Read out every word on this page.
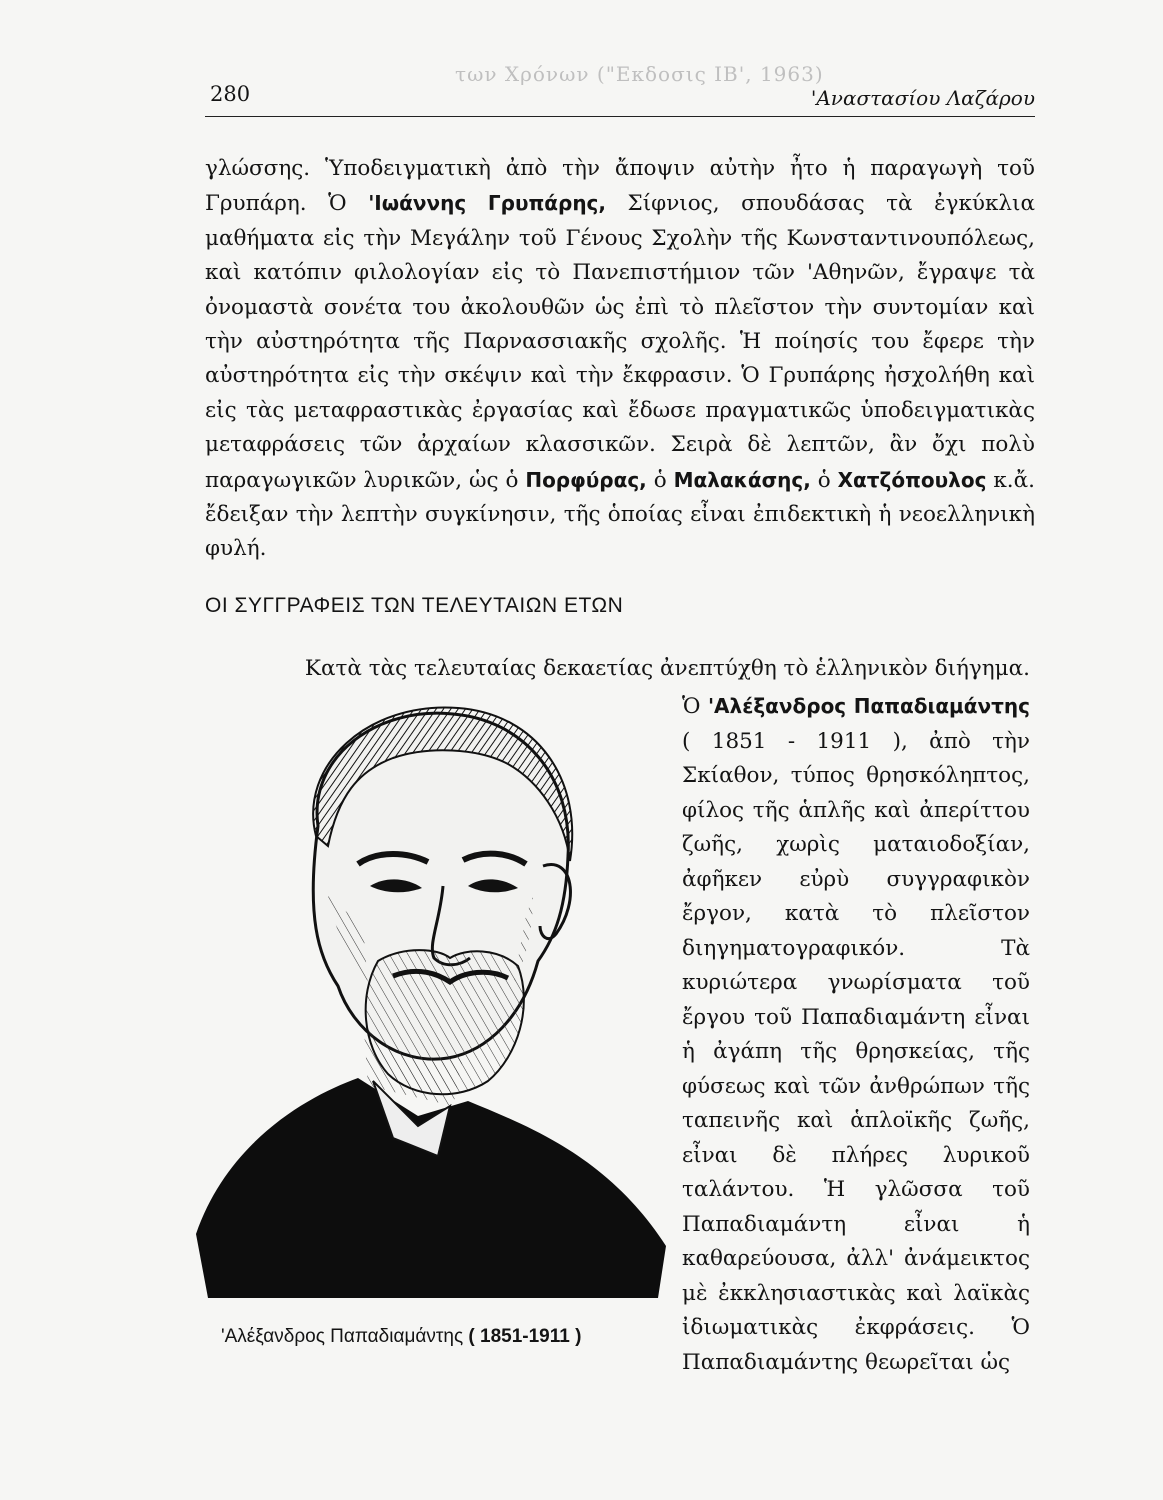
των Χρόνων ("Εκδοσις ΙΒ', 1963)
280	'Αναστασίου Λαζάρου

γλώσσης. Ὑποδειγματικὴ ἀπὸ τὴν ἄποψιν αὐτὴν ἦτο ἡ παραγωγὴ τοῦ Γρυπάρη. Ὁ 'Ιωάννης Γρυπάρης, Σίφνιος, σπουδάσας τὰ ἐγκύκλια μαθήματα εἰς τὴν Μεγάλην τοῦ Γένους Σχολὴν τῆς Κωνσταντινουπόλεως, καὶ κατόπιν φιλολογίαν εἰς τὸ Πανεπιστήμιον τῶν 'Αθηνῶν, ἔγραψε τὰ ὀνομαστὰ σονέτα του ἀκολουθῶν ὡς ἐπὶ τὸ πλεῖστον τὴν συντομίαν καὶ τὴν αὐστηρότητα τῆς Παρνασσιακῆς σχολῆς. Ἡ ποίησίς του ἔφερε τὴν αὐστηρότητα εἰς τὴν σκέψιν καὶ τὴν ἔκφρασιν. Ὁ Γρυπάρης ἠσχολήθη καὶ εἰς τὰς μεταφραστικὰς ἐργασίας καὶ ἔδωσε πραγματικῶς ὑποδειγματικὰς μεταφράσεις τῶν ἀρχαίων κλασσικῶν. Σειρὰ δὲ λεπτῶν, ἂν ὄχι πολὺ παραγωγικῶν λυρικῶν, ὡς ὁ Πορφύρας, ὁ Μαλακάσης, ὁ Χατζόπουλος κ.ἄ. ἔδειξαν τὴν λεπτὴν συγκίνησιν, τῆς ὁποίας εἶναι ἐπιδεκτικὴ ἡ νεοελληνικὴ φυλή.

ΟΙ ΣΥΓΓΡΑΦΕΙΣ ΤΩΝ ΤΕΛΕΥΤΑΙΩΝ ΕΤΩΝ

Κατὰ τὰς τελευταίας δεκαετίας ἀνεπτύχθη τὸ ἑλληνικὸν διήγημα.

'Αλέξανδρος Παπαδιαμάντης ( 1851-1911 )

Ὁ 'Αλέξανδρος Παπαδιαμάντης ( 1851 - 1911 ), ἀπὸ τὴν Σκίαθον, τύπος θρησκόληπτος, φίλος τῆς ἁπλῆς καὶ ἀπερίττου ζωῆς, χωρὶς ματαιοδοξίαν, ἀφῆκεν εὐρὺ συγγραφικὸν ἔργον, κατὰ τὸ πλεῖστον διηγηματογραφικόν. Τὰ κυριώτερα γνωρίσματα τοῦ ἔργου τοῦ Παπαδιαμάντη εἶναι ἡ ἀγάπη τῆς θρησκείας, τῆς φύσεως καὶ τῶν ἀνθρώπων τῆς ταπεινῆς καὶ ἁπλοϊκῆς ζωῆς, εἶναι δὲ πλήρες λυρικοῦ ταλάντου. Ἡ γλῶσσα τοῦ Παπαδιαμάντη εἶναι ἡ καθαρεύουσα, ἀλλ' ἀνάμεικτος μὲ ἐκκλησιαστικὰς καὶ λαϊκὰς ἰδιωματικὰς ἐκφράσεις. Ὁ Παπαδιαμάντης θεωρεῖται ὡς
